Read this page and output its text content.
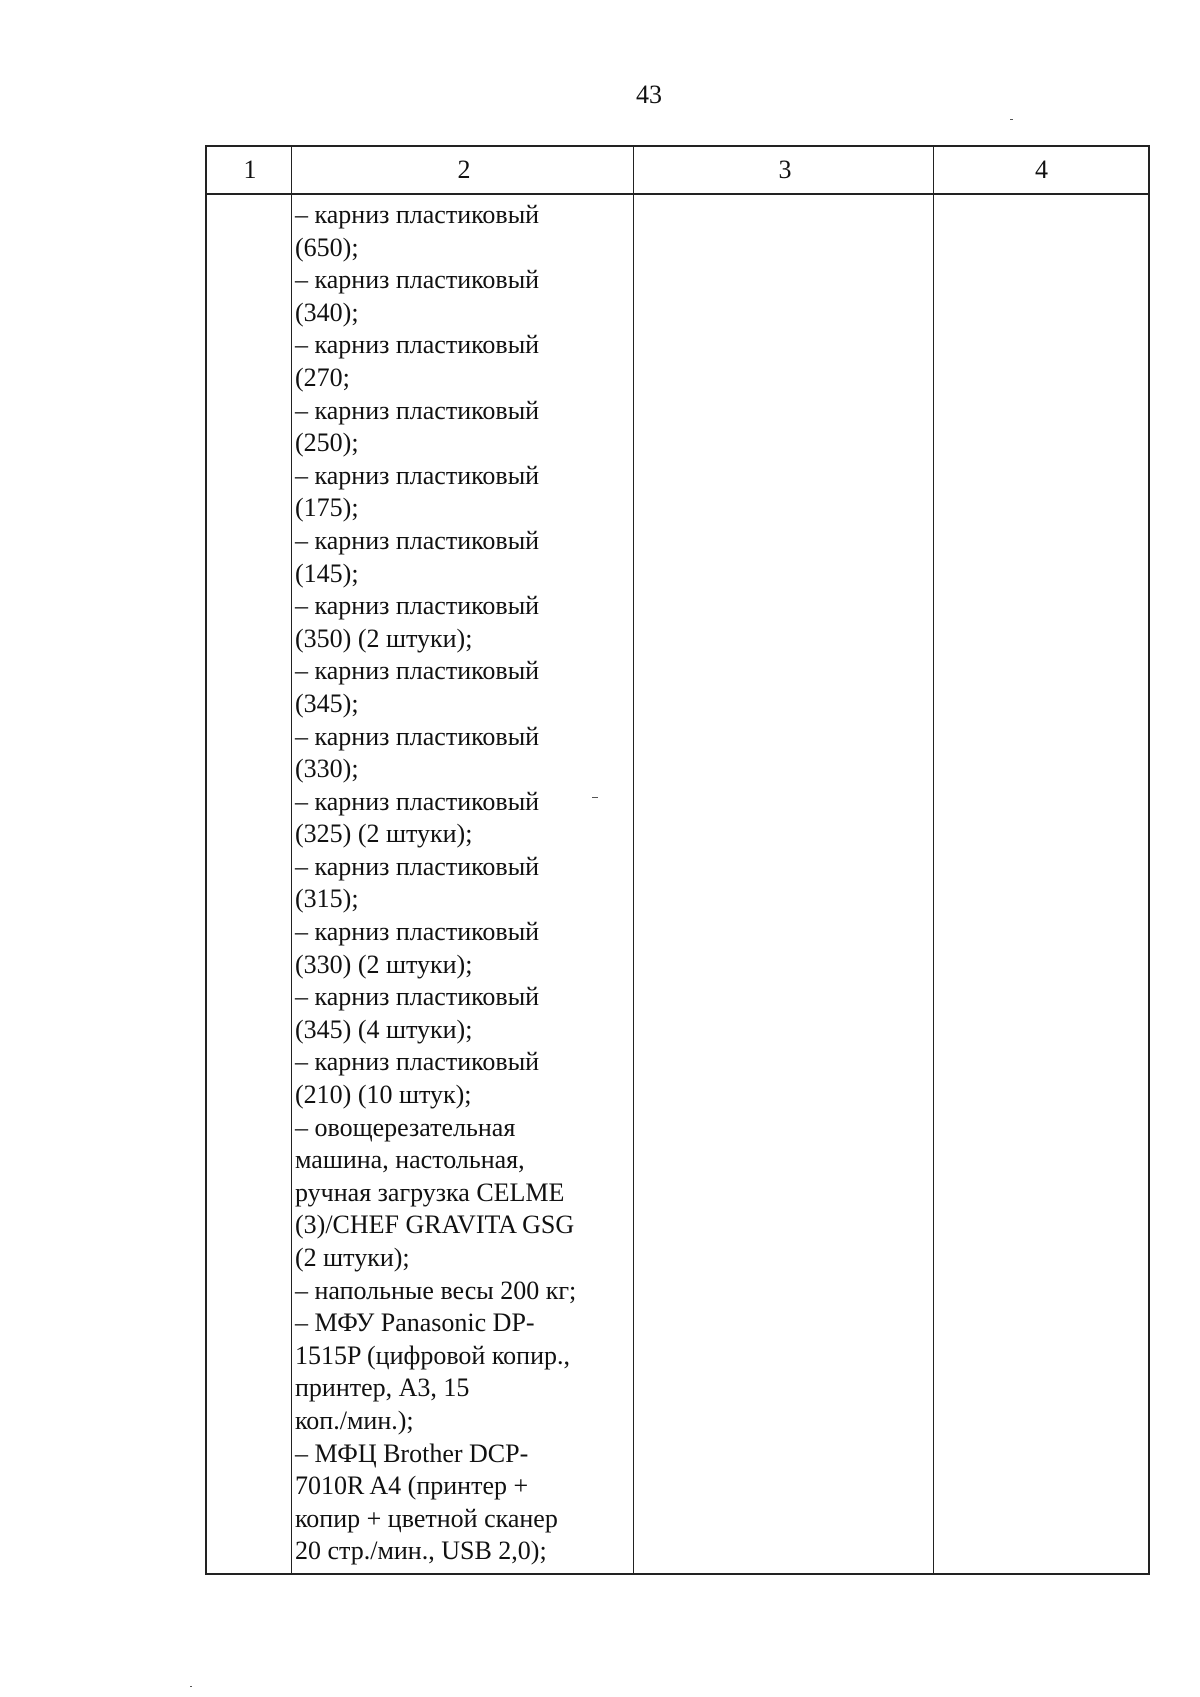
43
1	2	3	4
– карниз пластиковый
(650);
– карниз пластиковый
(340);
– карниз пластиковый
(270;
– карниз пластиковый
(250);
– карниз пластиковый
(175);
– карниз пластиковый
(145);
– карниз пластиковый
(350) (2 штуки);
– карниз пластиковый
(345);
– карниз пластиковый
(330);
– карниз пластиковый
(325) (2 штуки);
– карниз пластиковый
(315);
– карниз пластиковый
(330) (2 штуки);
– карниз пластиковый
(345) (4 штуки);
– карниз пластиковый
(210) (10 штук);
– овощерезательная
машина, настольная,
ручная загрузка CELME
(3)/CHEF GRAVITA GSG
(2 штуки);
– напольные весы 200 кг;
– МФУ Panasonic DP-
1515P (цифровой копир.,
принтер, А3, 15
коп./мин.);
– МФЦ Brother DCP-
7010R A4 (принтер +
копир + цветной сканер
20 стр./мин., USB 2,0);
